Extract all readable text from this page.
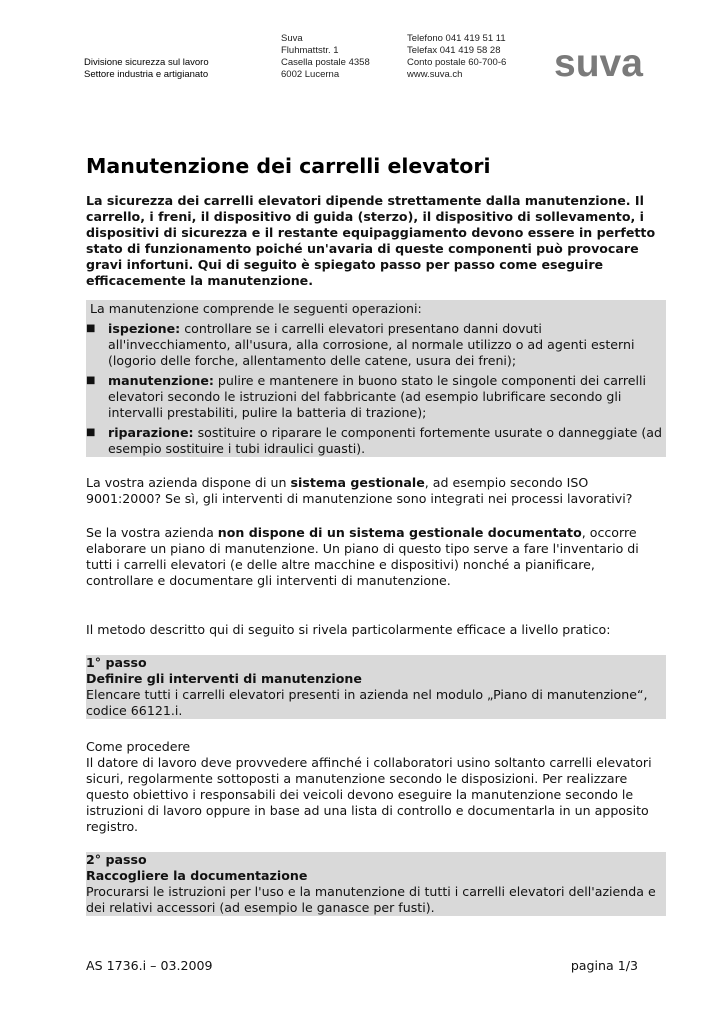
Divisione sicurezza sul lavoro
Settore industria e artigianato
Suva
Fluhmattstr. 1
Casella postale 4358
6002 Lucerna
Telefono 041 419 51 11
Telefax 041 419 58 28
Conto postale 60-700-6
www.suva.ch	suva
Manutenzione dei carrelli elevatori

La sicurezza dei carrelli elevatori dipende strettamente dalla manutenzione. Il carrello, i freni, il dispositivo di guida (sterzo), il dispositivo di sollevamento, i dispositivi di sicurezza e il restante equipaggiamento devono essere in perfetto stato di funzionamento poiché un'avaria di queste componenti può provocare gravi infortuni. Qui di seguito è spiegato passo per passo come eseguire efficacemente la manutenzione.

La manutenzione comprende le seguenti operazioni:
■ ispezione: controllare se i carrelli elevatori presentano danni dovuti all'invecchiamento, all'usura, alla corrosione, al normale utilizzo o ad agenti esterni (logorio delle forche, allentamento delle catene, usura dei freni);
■ manutenzione: pulire e mantenere in buono stato le singole componenti dei carrelli elevatori secondo le istruzioni del fabbricante (ad esempio lubrificare secondo gli intervalli prestabiliti, pulire la batteria di trazione);
■ riparazione: sostituire o riparare le componenti fortemente usurate o danneggiate (ad esempio sostituire i tubi idraulici guasti).

La vostra azienda dispone di un sistema gestionale, ad esempio secondo ISO 9001:2000? Se sì, gli interventi di manutenzione sono integrati nei processi lavorativi?

Se la vostra azienda non dispone di un sistema gestionale documentato, occorre elaborare un piano di manutenzione. Un piano di questo tipo serve a fare l'inventario di tutti i carrelli elevatori (e delle altre macchine e dispositivi) nonché a pianificare, controllare e documentare gli interventi di manutenzione.

Il metodo descritto qui di seguito si rivela particolarmente efficace a livello pratico:

1° passo
Definire gli interventi di manutenzione
Elencare tutti i carrelli elevatori presenti in azienda nel modulo „Piano di manutenzione“, codice 66121.i.
Come procedere
Il datore di lavoro deve provvedere affinché i collaboratori usino soltanto carrelli elevatori sicuri, regolarmente sottoposti a manutenzione secondo le disposizioni. Per realizzare questo obiettivo i responsabili dei veicoli devono eseguire la manutenzione secondo le istruzioni di lavoro oppure in base ad una lista di controllo e documentarla in un apposito registro.
2° passo
Raccogliere la documentazione
Procurarsi le istruzioni per l'uso e la manutenzione di tutti i carrelli elevatori dell'azienda e dei relativi accessori (ad esempio le ganasce per fusti).
AS 1736.i – 03.2009	pagina 1/3
